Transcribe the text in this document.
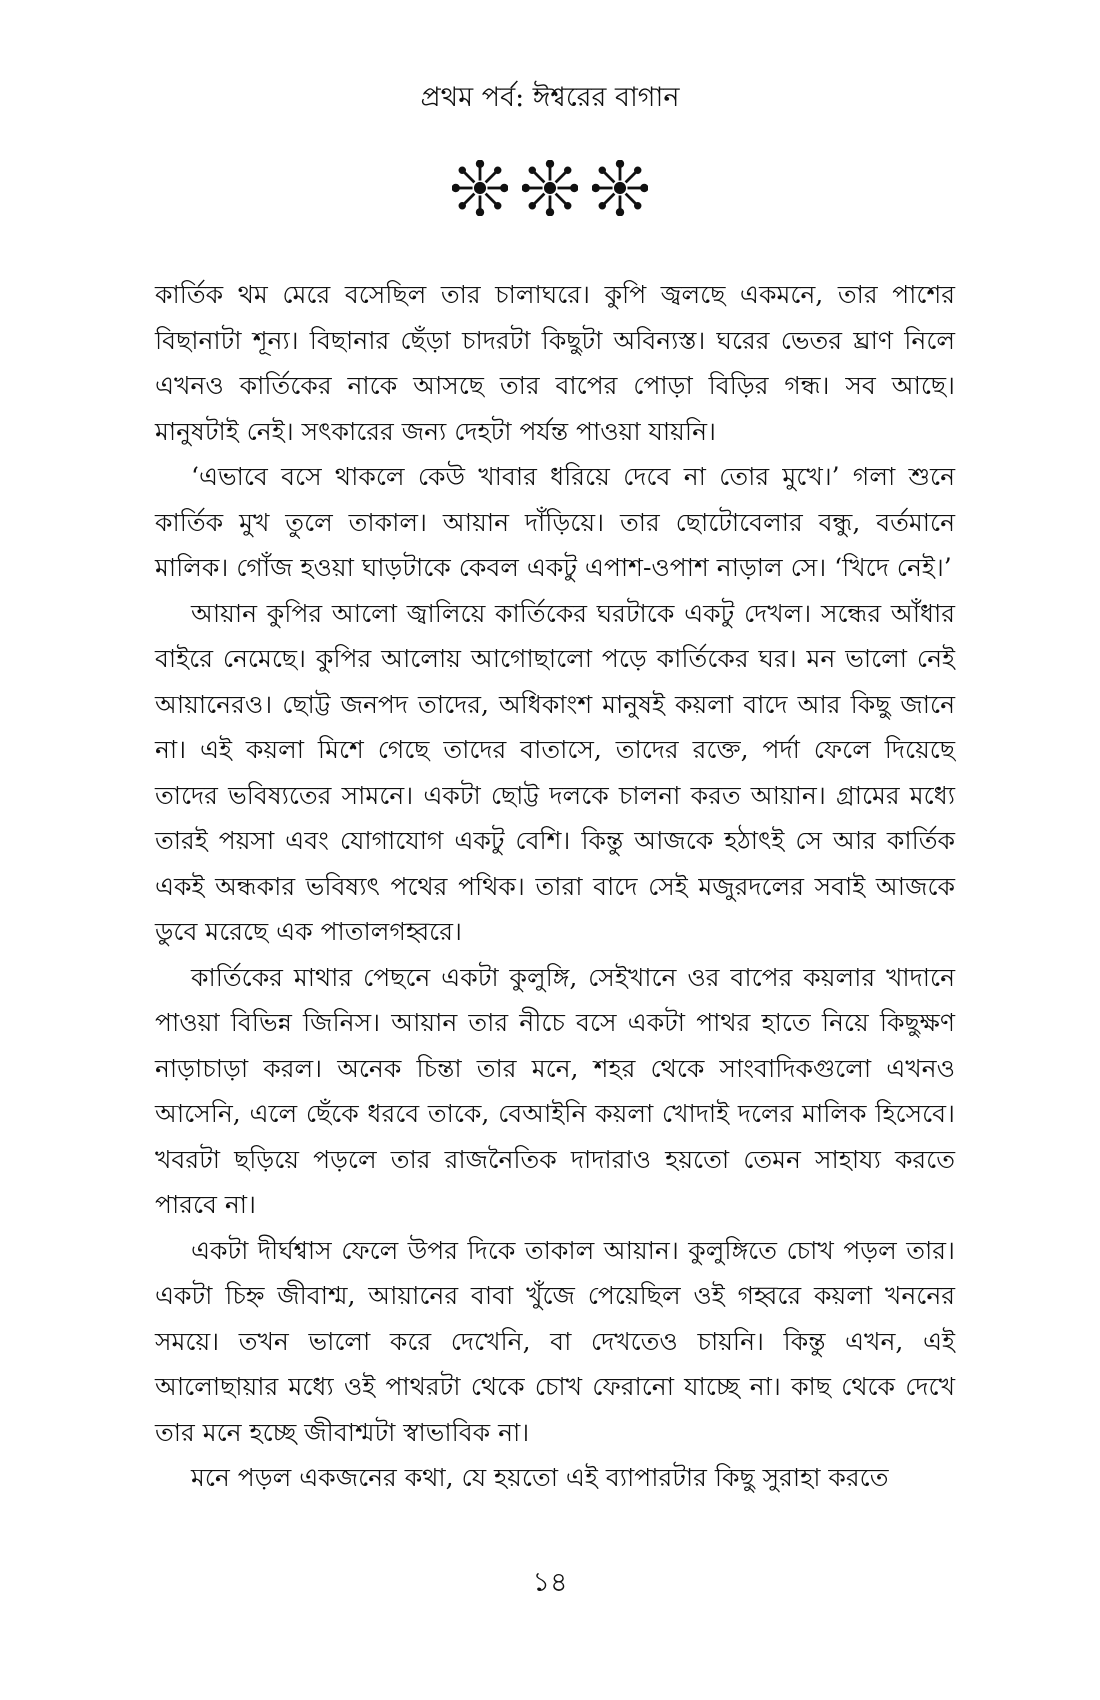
প্রথম পর্ব: ঈশ্বরের বাগান

কার্তিক থম মেরে বসেছিল তার চালাঘরে। কুপি জ্বলছে একমনে, তার পাশের বিছানাটা শূন্য। বিছানার ছেঁড়া চাদরটা কিছুটা অবিন্যস্ত। ঘরের ভেতর ঘ্রাণ নিলে এখনও কার্তিকের নাকে আসছে তার বাপের পোড়া বিড়ির গন্ধ। সব আছে। মানুষটাই নেই। সৎকারের জন্য দেহটা পর্যন্ত পাওয়া যায়নি।

‘এভাবে বসে থাকলে কেউ খাবার ধরিয়ে দেবে না তোর মুখে।’ গলা শুনে কার্তিক মুখ তুলে তাকাল। আয়ান দাঁড়িয়ে। তার ছোটোবেলার বন্ধু, বর্তমানে মালিক। গোঁজ হওয়া ঘাড়টাকে কেবল একটু এপাশ-ওপাশ নাড়াল সে। ‘খিদে নেই।’

আয়ান কুপির আলো জ্বালিয়ে কার্তিকের ঘরটাকে একটু দেখল। সন্ধের আঁধার বাইরে নেমেছে। কুপির আলোয় আগোছালো পড়ে কার্তিকের ঘর। মন ভালো নেই আয়ানেরও। ছোট্ট জনপদ তাদের, অধিকাংশ মানুষই কয়লা বাদে আর কিছু জানে না। এই কয়লা মিশে গেছে তাদের বাতাসে, তাদের রক্তে, পর্দা ফেলে দিয়েছে তাদের ভবিষ্যতের সামনে। একটা ছোট্ট দলকে চালনা করত আয়ান। গ্রামের মধ্যে তারই পয়সা এবং যোগাযোগ একটু বেশি। কিন্তু আজকে হঠাৎই সে আর কার্তিক একই অন্ধকার ভবিষ্যৎ পথের পথিক। তারা বাদে সেই মজুরদলের সবাই আজকে ডুবে মরেছে এক পাতালগহ্বরে।

কার্তিকের মাথার পেছনে একটা কুলুঙ্গি, সেইখানে ওর বাপের কয়লার খাদানে পাওয়া বিভিন্ন জিনিস। আয়ান তার নীচে বসে একটা পাথর হাতে নিয়ে কিছুক্ষণ নাড়াচাড়া করল। অনেক চিন্তা তার মনে, শহর থেকে সাংবাদিকগুলো এখনও আসেনি, এলে ছেঁকে ধরবে তাকে, বেআইনি কয়লা খোদাই দলের মালিক হিসেবে। খবরটা ছড়িয়ে পড়লে তার রাজনৈতিক দাদারাও হয়তো তেমন সাহায্য করতে পারবে না।

একটা দীর্ঘশ্বাস ফেলে উপর দিকে তাকাল আয়ান। কুলুঙ্গিতে চোখ পড়ল তার। একটা চিহ্ন জীবাশ্ম, আয়ানের বাবা খুঁজে পেয়েছিল ওই গহ্বরে কয়লা খননের সময়ে। তখন ভালো করে দেখেনি, বা দেখতেও চায়নি। কিন্তু এখন, এই আলোছায়ার মধ্যে ওই পাথরটা থেকে চোখ ফেরানো যাচ্ছে না। কাছ থেকে দেখে তার মনে হচ্ছে জীবাশ্মটা স্বাভাবিক না।

মনে পড়ল একজনের কথা, যে হয়তো এই ব্যাপারটার কিছু সুরাহা করতে

১৪
